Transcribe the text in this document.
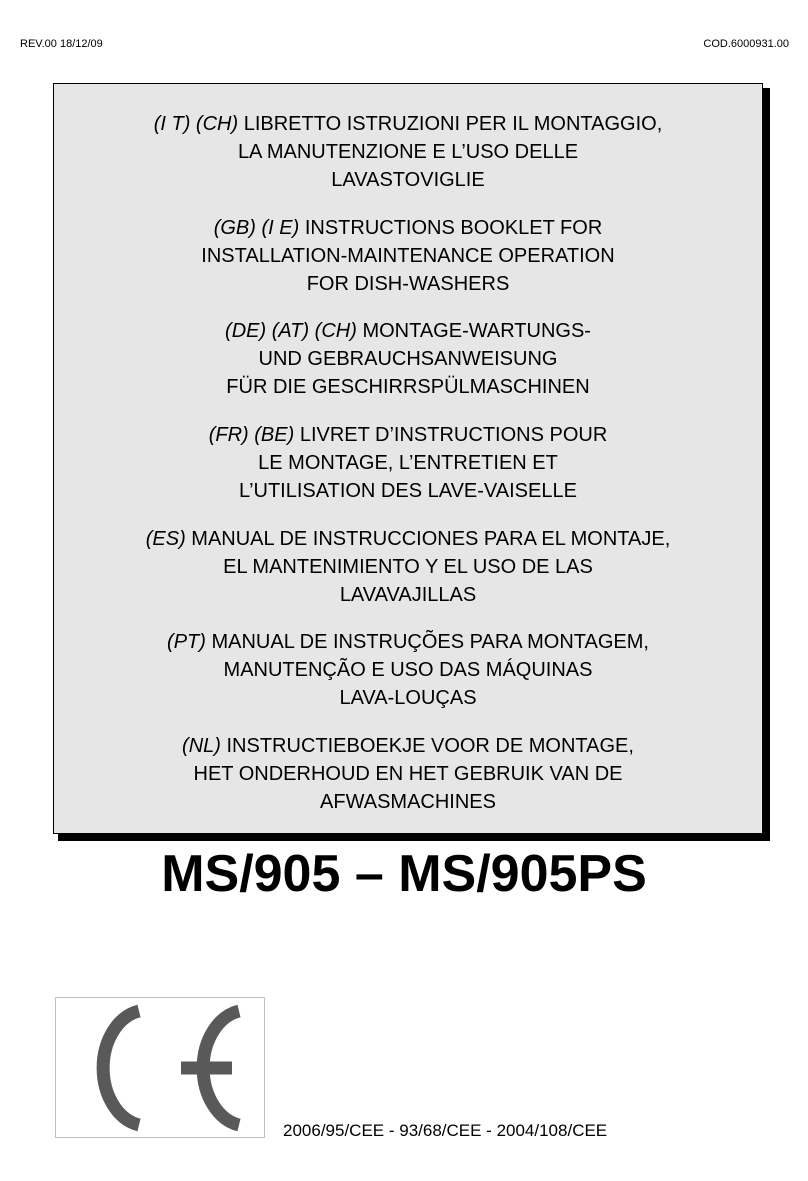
REV.00 18/12/09	COD.6000931.00
(I T) (CH) LIBRETTO ISTRUZIONI PER IL MONTAGGIO,
LA MANUTENZIONE E L’USO DELLE
LAVASTOVIGLIE
(GB) (I E) INSTRUCTIONS BOOKLET FOR
INSTALLATION-MAINTENANCE OPERATION
FOR DISH-WASHERS
(DE) (AT) (CH) MONTAGE-WARTUNGS-
UND GEBRAUCHSANWEISUNG
FÜR DIE GESCHIRRSPÜLMASCHINEN
(FR) (BE) LIVRET D’INSTRUCTIONS POUR
LE MONTAGE, L’ENTRETIEN ET
L’UTILISATION DES LAVE-VAISELLE
(ES) MANUAL DE INSTRUCCIONES PARA EL MONTAJE,
EL MANTENIMIENTO Y EL USO DE LAS
LAVAVAJILLAS
(PT) MANUAL DE INSTRUÇÕES PARA MONTAGEM,
MANUTENÇÃO E USO DAS MÁQUINAS
LAVA-LOUÇAS
(NL) INSTRUCTIEBOEKJE VOOR DE MONTAGE,
HET ONDERHOUD EN HET GEBRUIK VAN DE
AFWASMACHINES
MS/905 – MS/905PS
2006/95/CEE - 93/68/CEE - 2004/108/CEE
